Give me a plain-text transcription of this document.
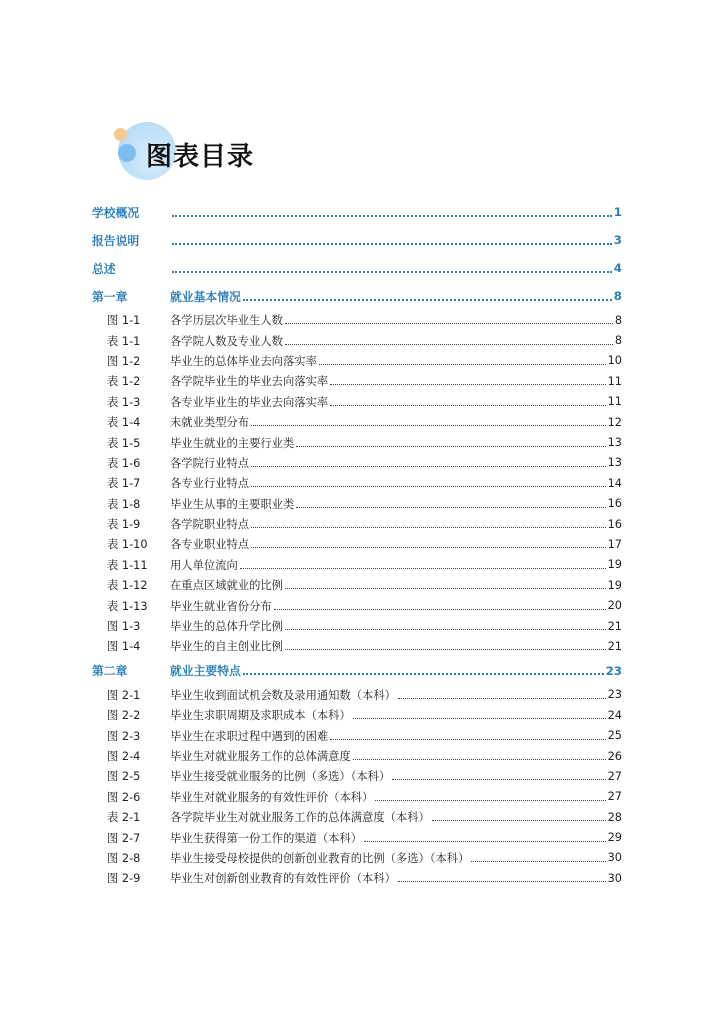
图表目录
学校概况	1
报告说明	3
总述	4
第一章	就业基本情况	8
图 1-1	各学历层次毕业生人数	8
表 1-1	各学院人数及专业人数	8
图 1-2	毕业生的总体毕业去向落实率	10
表 1-2	各学院毕业生的毕业去向落实率	11
表 1-3	各专业毕业生的毕业去向落实率	11
表 1-4	未就业类型分布	12
表 1-5	毕业生就业的主要行业类	13
表 1-6	各学院行业特点	13
表 1-7	各专业行业特点	14
表 1-8	毕业生从事的主要职业类	16
表 1-9	各学院职业特点	16
表 1-10	各专业职业特点	17
表 1-11	用人单位流向	19
表 1-12	在重点区域就业的比例	19
表 1-13	毕业生就业省份分布	20
图 1-3	毕业生的总体升学比例	21
图 1-4	毕业生的自主创业比例	21
第二章	就业主要特点	23
图 2-1	毕业生收到面试机会数及录用通知数（本科）	23
图 2-2	毕业生求职周期及求职成本（本科）	24
图 2-3	毕业生在求职过程中遇到的困难	25
图 2-4	毕业生对就业服务工作的总体满意度	26
图 2-5	毕业生接受就业服务的比例（多选）（本科）	27
图 2-6	毕业生对就业服务的有效性评价（本科）	27
表 2-1	各学院毕业生对就业服务工作的总体满意度（本科）	28
图 2-7	毕业生获得第一份工作的渠道（本科）	29
图 2-8	毕业生接受母校提供的创新创业教育的比例（多选）（本科）	30
图 2-9	毕业生对创新创业教育的有效性评价（本科）	30
